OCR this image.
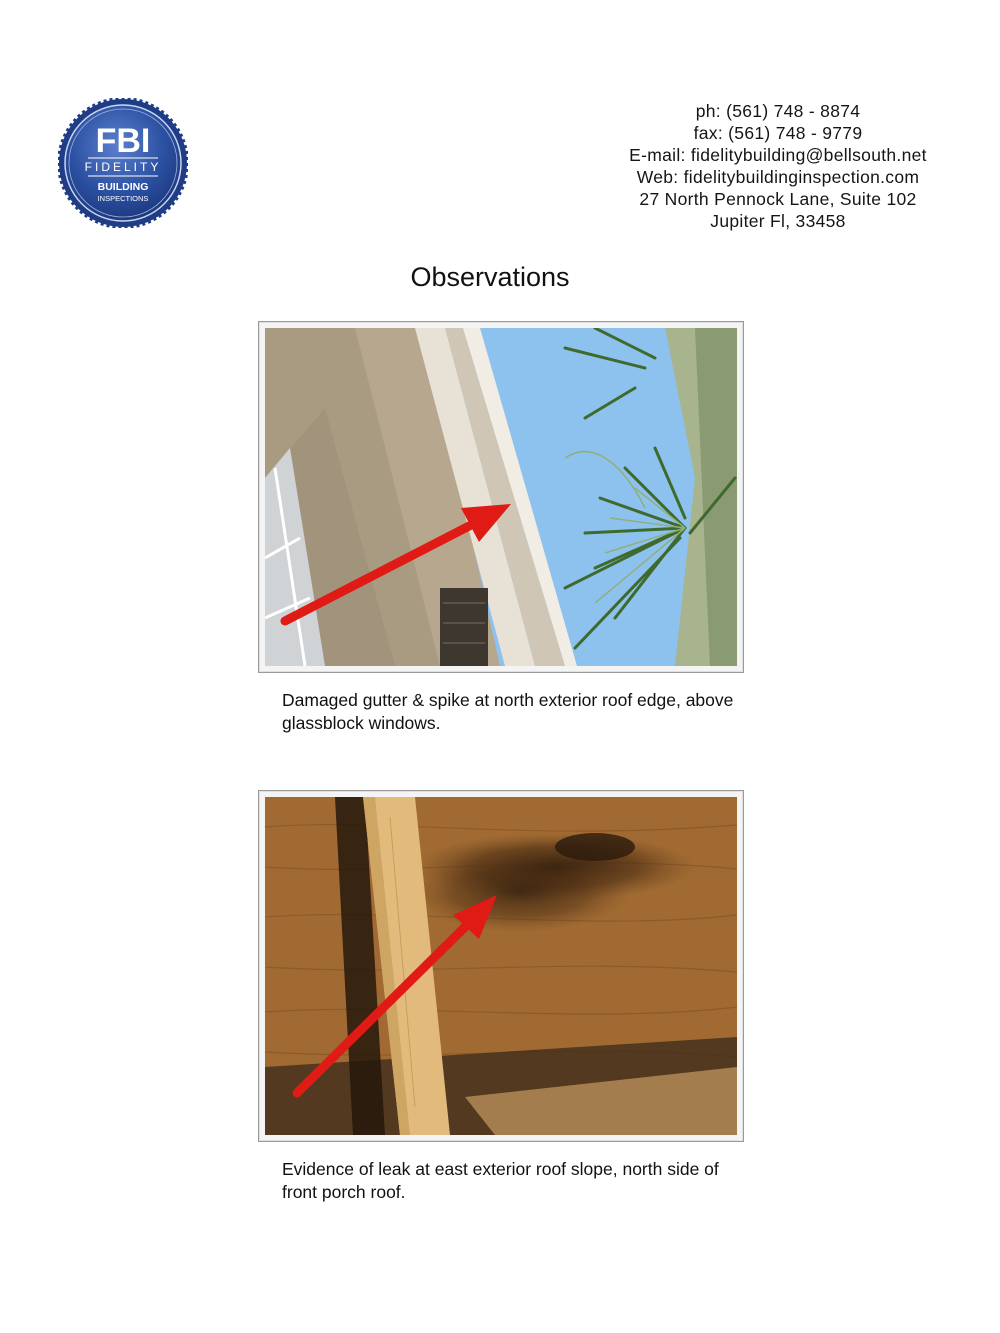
FBI
FIDELITY
BUILDING
INSPECTIONS
ph: (561) 748 - 8874
fax: (561) 748 - 9779
E-mail: fidelitybuilding@bellsouth.net
Web: fidelitybuildinginspection.com
27 North Pennock Lane, Suite 102
Jupiter Fl, 33458
Observations
Damaged gutter & spike at north exterior roof edge, above glassblock windows.
Evidence of leak at east exterior roof slope, north side of front porch roof.
